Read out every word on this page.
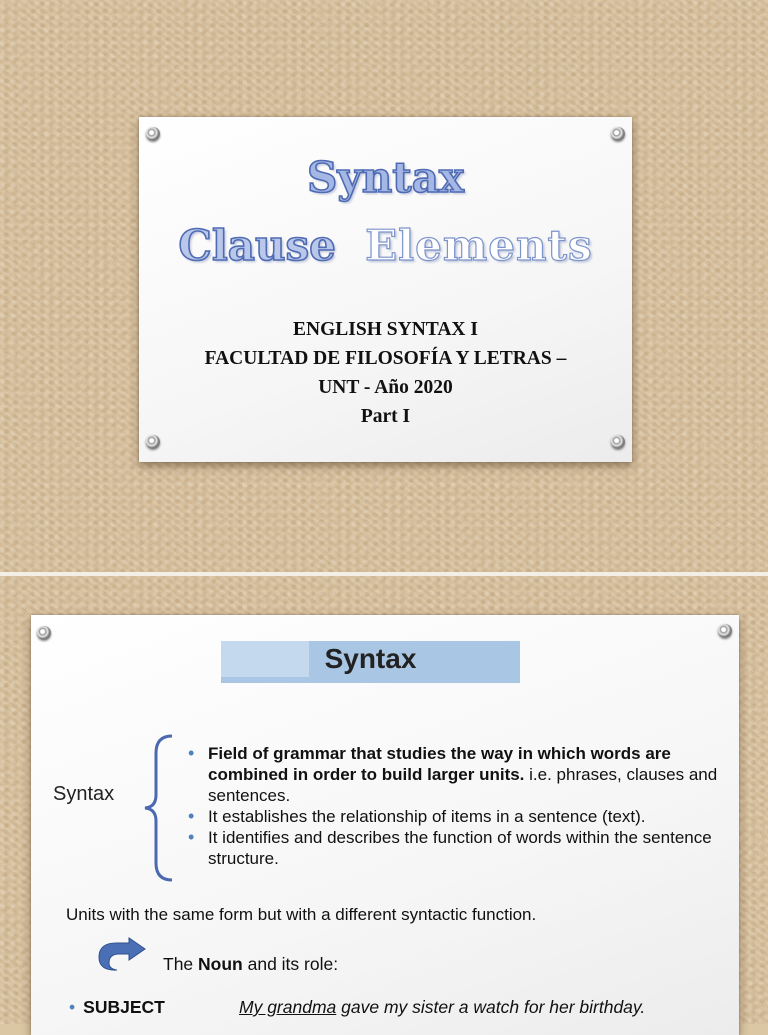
Syntax
Clause Elements
ENGLISH SYNTAX I
FACULTAD DE FILOSOFÍA Y LETRAS –
UNT - Año 2020
Part I
Syntax
Syntax
• Field of grammar that studies the way in which words are combined in order to build larger units. i.e. phrases, clauses and sentences.
• It establishes the relationship of items in a sentence (text).
• It identifies and describes the function of words within the sentence structure.
Units with the same form but with a different syntactic function.
The Noun and its role:
• SUBJECT	My grandma gave my sister a watch for her birthday.
